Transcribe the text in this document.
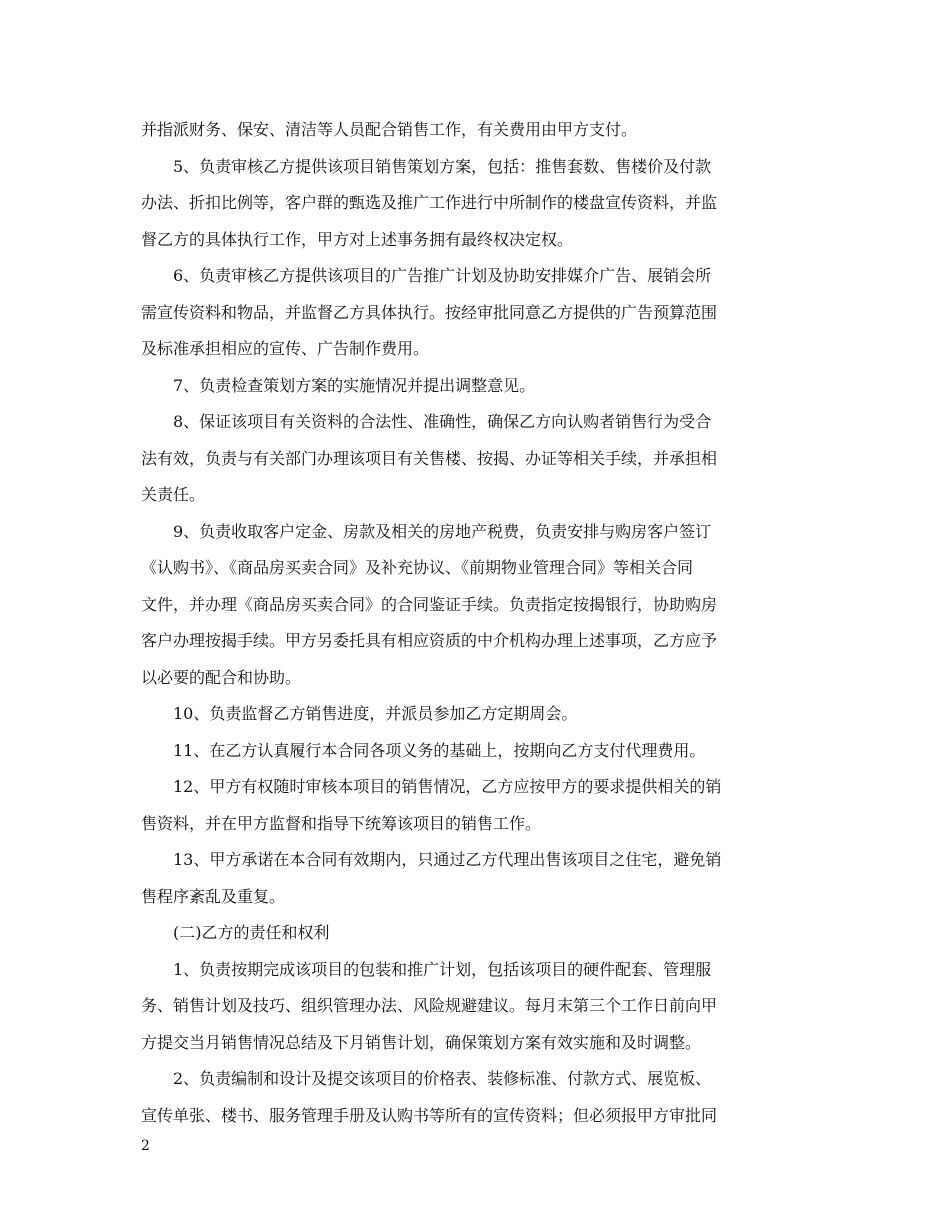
并指派财务、保安、清洁等人员配合销售工作，有关费用由甲方支付。
5、负责审核乙方提供该项目销售策划方案，包括：推售套数、售楼价及付款
办法、折扣比例等，客户群的甄选及推广工作进行中所制作的楼盘宣传资料，并监
督乙方的具体执行工作，甲方对上述事务拥有最终权决定权。
6、负责审核乙方提供该项目的广告推广计划及协助安排媒介广告、展销会所
需宣传资料和物品，并监督乙方具体执行。按经审批同意乙方提供的广告预算范围
及标准承担相应的宣传、广告制作费用。
7、负责检查策划方案的实施情况并提出调整意见。
8、保证该项目有关资料的合法性、准确性，确保乙方向认购者销售行为受合
法有效，负责与有关部门办理该项目有关售楼、按揭、办证等相关手续，并承担相
关责任。
9、负责收取客户定金、房款及相关的房地产税费，负责安排与购房客户签订
《认购书》、《商品房买卖合同》及补充协议、《前期物业管理合同》等相关合同
文件，并办理《商品房买卖合同》的合同鉴证手续。负责指定按揭银行，协助购房
客户办理按揭手续。甲方另委托具有相应资质的中介机构办理上述事项，乙方应予
以必要的配合和协助。
10、负责监督乙方销售进度，并派员参加乙方定期周会。
11、在乙方认真履行本合同各项义务的基础上，按期向乙方支付代理费用。
12、甲方有权随时审核本项目的销售情况，乙方应按甲方的要求提供相关的销
售资料，并在甲方监督和指导下统筹该项目的销售工作。
13、甲方承诺在本合同有效期内，只通过乙方代理出售该项目之住宅，避免销
售程序紊乱及重复。
(二)乙方的责任和权利
1、负责按期完成该项目的包装和推广计划，包括该项目的硬件配套、管理服
务、销售计划及技巧、组织管理办法、风险规避建议。每月末第三个工作日前向甲
方提交当月销售情况总结及下月销售计划，确保策划方案有效实施和及时调整。
2、负责编制和设计及提交该项目的价格表、装修标准、付款方式、展览板、
宣传单张、楼书、服务管理手册及认购书等所有的宣传资料；但必须报甲方审批同
2
